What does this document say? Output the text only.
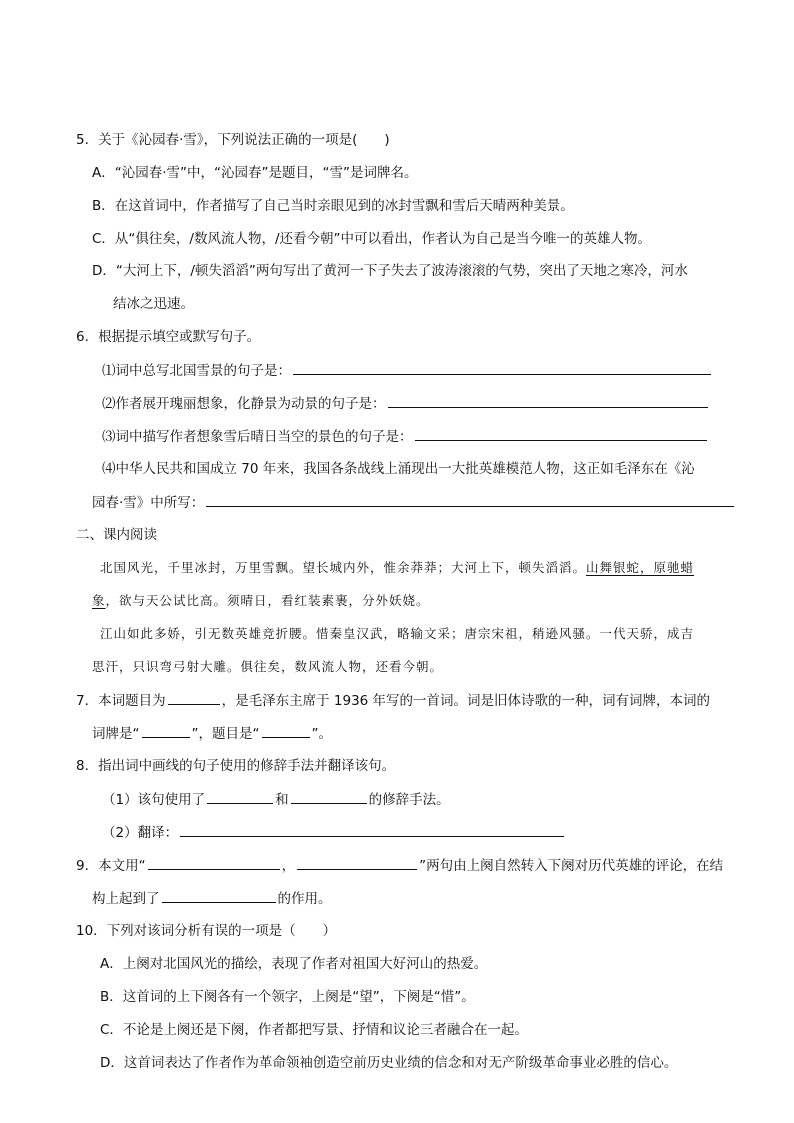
5．关于《沁园春·雪》，下列说法正确的一项是(　　)
A．“沁园春·雪”中，“沁园春”是题目，“雪”是词牌名。
B．在这首词中，作者描写了自己当时亲眼见到的冰封雪飘和雪后天晴两种美景。
C．从“俱往矣，/数风流人物，/还看今朝”中可以看出，作者认为自己是当今唯一的英雄人物。
D．“大河上下，/顿失滔滔”两句写出了黄河一下子失去了波涛滚滚的气势，突出了天地之寒冷，河水
结冰之迅速。
6．根据提示填空或默写句子。
⑴词中总写北国雪景的句子是：
⑵作者展开瑰丽想象，化静景为动景的句子是：
⑶词中描写作者想象雪后晴日当空的景色的句子是：
⑷中华人民共和国成立 70 年来，我国各条战线上涌现出一大批英雄模范人物，这正如毛泽东在《沁
园春·雪》中所写：
二、课内阅读
北国风光，千里冰封，万里雪飘。望长城内外，惟余莽莽；大河上下，顿失滔滔。山舞银蛇，原驰蜡
象，欲与天公试比高。须晴日，看红装素裹，分外妖娆。
江山如此多娇，引无数英雄竞折腰。惜秦皇汉武，略输文采；唐宗宋祖，稍逊风骚。一代天骄，成吉
思汗，只识弯弓射大雕。俱往矣，数风流人物，还看今朝。
7．本词题目为	，是毛泽东主席于 1936 年写的一首词。词是旧体诗歌的一种，词有词牌，本词的
词牌是“	”，题目是“	”。
8．指出词中画线的句子使用的修辞手法并翻译该句。
（1）该句使用了	和	的修辞手法。
（2）翻译：
9．本文用“	，	”两句由上阕自然转入下阕对历代英雄的评论，在结
构上起到了	的作用。
10．下列对该词分析有误的一项是（　　）
A．上阕对北国风光的描绘，表现了作者对祖国大好河山的热爱。
B．这首词的上下阕各有一个领字，上阕是“望”，下阕是“惜”。
C．不论是上阕还是下阕，作者都把写景、抒情和议论三者融合在一起。
D．这首词表达了作者作为革命领袖创造空前历史业绩的信念和对无产阶级革命事业必胜的信心。
